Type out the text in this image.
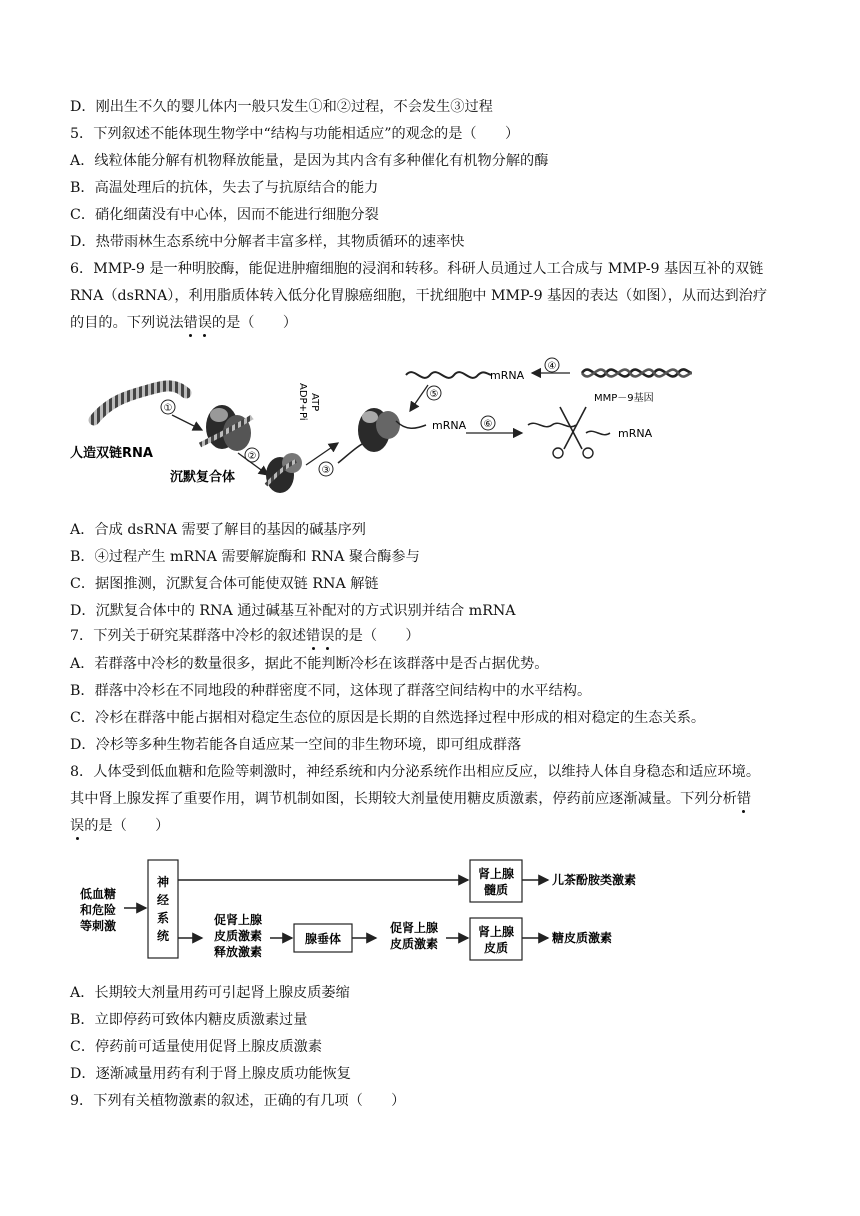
D．刚出生不久的婴儿体内一般只发生①和②过程，不会发生③过程
5．下列叙述不能体现生物学中“结构与功能相适应”的观念的是（　　）
A．线粒体能分解有机物释放能量，是因为其内含有多种催化有机物分解的酶
B．高温处理后的抗体，失去了与抗原结合的能力
C．硝化细菌没有中心体，因而不能进行细胞分裂
D．热带雨林生态系统中分解者丰富多样，其物质循环的速率快
6．MMP-9 是一种明胶酶，能促进肿瘤细胞的浸润和转移。科研人员通过人工合成与 MMP-9 基因互补的双链
RNA（dsRNA），利用脂质体转入低分化胃腺癌细胞，干扰细胞中 MMP-9 基因的表达（如图），从而达到治疗
的目的。下列说法错误的是（　　）
人造双链RNA
①
沉默复合体
②
③
ATP
ADP+Pi
mRNA ⑥
mRNA
mRNA
④
MMP－9基因
⑤
A．合成 dsRNA 需要了解目的基因的碱基序列
B．④过程产生 mRNA 需要解旋酶和 RNA 聚合酶参与
C．据图推测，沉默复合体可能使双链 RNA 解链
D．沉默复合体中的 RNA 通过碱基互补配对的方式识别并结合 mRNA
7．下列关于研究某群落中冷杉的叙述错误的是（　　）
A．若群落中冷杉的数量很多，据此不能判断冷杉在该群落中是否占据优势。
B．群落中冷杉在不同地段的种群密度不同，这体现了群落空间结构中的水平结构。
C．冷杉在群落中能占据相对稳定生态位的原因是长期的自然选择过程中形成的相对稳定的生态关系。
D．冷杉等多种生物若能各自适应某一空间的非生物环境，即可组成群落
8．人体受到低血糖和危险等刺激时，神经系统和内分泌系统作出相应反应，以维持人体自身稳态和适应环境。
其中肾上腺发挥了重要作用，调节机制如图，长期较大剂量使用糖皮质激素，停药前应逐渐减量。下列分析错
误的是（　　）
低血糖
和危险
等刺激
神
经
系
统
肾上腺
髓质
儿茶酚胺类激素
促肾上腺
皮质激素
释放激素
腺垂体
促肾上腺
皮质激素
肾上腺
皮质
糖皮质激素
A．长期较大剂量用药可引起肾上腺皮质萎缩
B．立即停药可致体内糖皮质激素过量
C．停药前可适量使用促肾上腺皮质激素
D．逐渐减量用药有利于肾上腺皮质功能恢复
9．下列有关植物激素的叙述，正确的有几项（　　）
